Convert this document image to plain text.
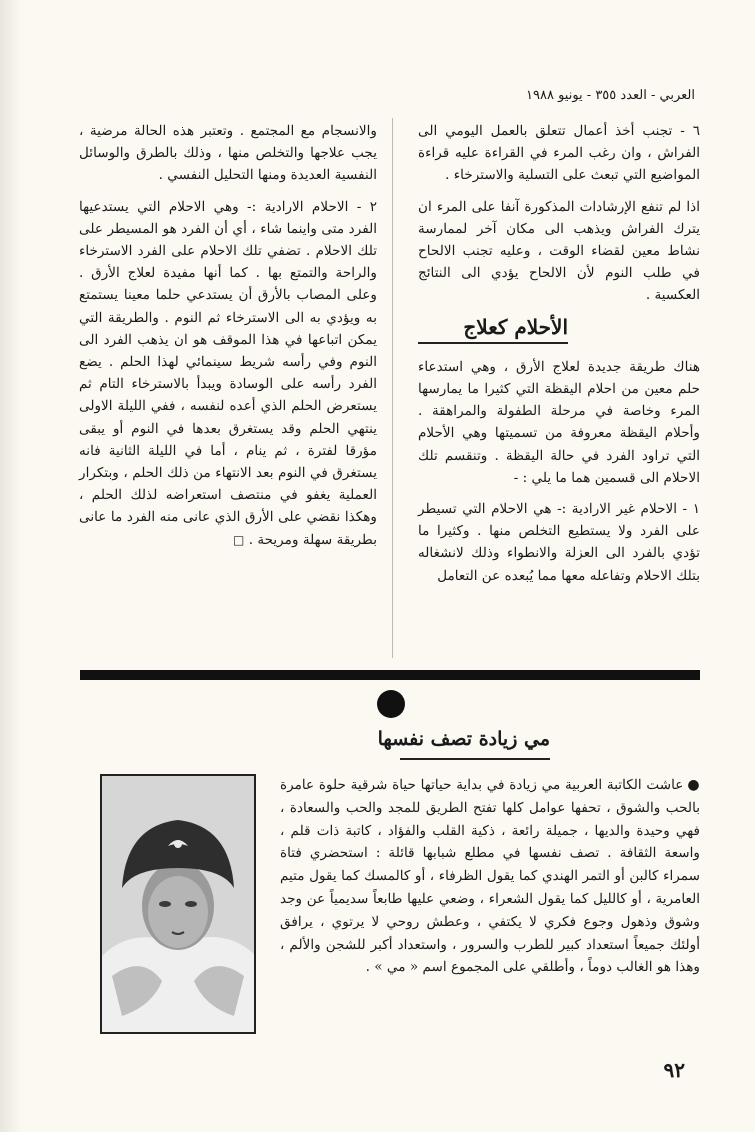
العربي - العدد ٣٥٥ - يونيو ١٩٨٨

٦ - تجنب أخذ أعمال تتعلق بالعمل اليومي الى الفراش ، وان رغب المرء في القراءة عليه قراءة المواضيع التي تبعث على التسلية والاسترخاء .

اذا لم تنفع الإرشادات المذكورة آنفا على المرء ان يترك الفراش ويذهب الى مكان آخر لممارسة نشاط معين لقضاء الوقت ، وعليه تجنب الالحاح في طلب النوم لأن الالحاح يؤدي الى النتائج العكسية .

الأحلام كعلاج

هناك طريقة جديدة لعلاج الأرق ، وهي استدعاء حلم معين من احلام اليقظة التي كثيرا ما يمارسها المرء وخاصة في مرحلة الطفولة والمراهقة . وأحلام اليقظة معروفة من تسميتها وهي الأحلام التي تراود الفرد في حالة اليقظة . وتنقسم تلك الاحلام الى قسمين هما ما يلي : -

١ - الاحلام غير الارادية :- هي الاحلام التي تسيطر على الفرد ولا يستطيع التخلص منها . وكثيرا ما تؤدي بالفرد الى العزلة والانطواء وذلك لانشغاله بتلك الاحلام وتفاعله معها مما يُبعده عن التعامل

والانسجام مع المجتمع . وتعتبر هذه الحالة مرضية ، يجب علاجها والتخلص منها ، وذلك بالطرق والوسائل النفسية العديدة ومنها التحليل النفسي .

٢ - الاحلام الارادية :- وهي الاحلام التي يستدعيها الفرد متى واينما شاء ، أي أن الفرد هو المسيطر على تلك الاحلام . تضفي تلك الاحلام على الفرد الاسترخاء والراحة والتمتع بها . كما أنها مفيدة لعلاج الأرق . وعلى المصاب بالأرق أن يستدعي حلما معينا يستمتع به ويؤدي به الى الاسترخاء ثم النوم . والطريقة التي يمكن اتباعها في هذا الموقف هو ان يذهب الفرد الى النوم وفي رأسه شريط سينمائي لهذا الحلم . يضع الفرد رأسه على الوسادة ويبدأ بالاسترخاء التام ثم يستعرض الحلم الذي أعده لنفسه ، ففي الليلة الاولى ينتهي الحلم وقد يستغرق بعدها في النوم أو يبقى مؤرقا لفترة ، ثم ينام ، أما في الليلة الثانية فانه يستغرق في النوم بعد الانتهاء من ذلك الحلم ، وبتكرار العملية يغفو في منتصف استعراضه لذلك الحلم ، وهكذا نقضي على الأرق الذي عانى منه الفرد ما عانى بطريقة سهلة ومريحة . □

مي زيادة تصف نفسها
●عاشت الكاتبة العربية مي زيادة في بداية حياتها حياة شرقية حلوة عامرة بالحب والشوق ، تحفها عوامل كلها تفتح الطريق للمجد والحب والسعادة ، فهي وحيدة والديها ، جميلة رائعة ، ذكية القلب والفؤاد ، كاتبة ذات قلم ، واسعة الثقافة . تصف نفسها في مطلع شبابها قائلة : استحضري فتاة سمراء كالبن أو التمر الهندي كما يقول الظرفاء ، أو كالمسك كما يقول متيم العامرية ، أو كالليل كما يقول الشعراء ، وضعي عليها طابعاً سديمياً عن وجد وشوق وذهول وجوع فكري لا يكتفي ، وعطش روحي لا يرتوي ، يرافق أولئك جميعاً استعداد كبير للطرب والسرور ، واستعداد أكبر للشجن والألم ، وهذا هو الغالب دوماً ، وأطلقي على المجموع اسم « مي » .
٩٢
